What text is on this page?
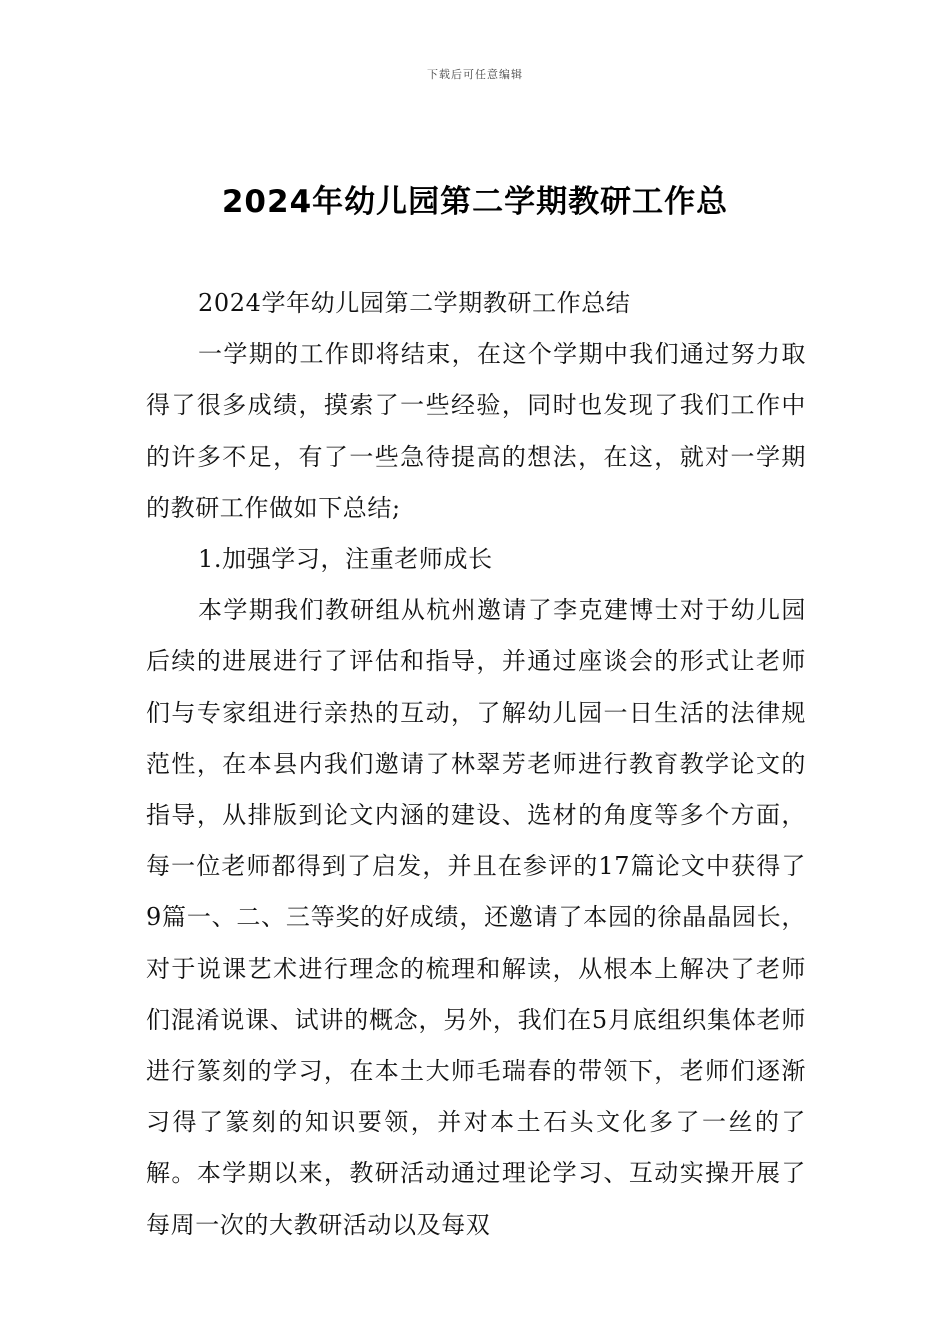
下载后可任意编辑
2024年幼儿园第二学期教研工作总

2024学年幼儿园第二学期教研工作总结

一学期的工作即将结束，在这个学期中我们通过努力取得了很多成绩，摸索了一些经验，同时也发现了我们工作中的许多不足，有了一些急待提高的想法，在这，就对一学期的教研工作做如下总结;

1.加强学习，注重老师成长

本学期我们教研组从杭州邀请了李克建博士对于幼儿园后续的进展进行了评估和指导，并通过座谈会的形式让老师们与专家组进行亲热的互动，了解幼儿园一日生活的法律规范性，在本县内我们邀请了林翠芳老师进行教育教学论文的指导，从排版到论文内涵的建设、选材的角度等多个方面，每一位老师都得到了启发，并且在参评的17篇论文中获得了9篇一、二、三等奖的好成绩，还邀请了本园的徐晶晶园长，对于说课艺术进行理念的梳理和解读，从根本上解决了老师们混淆说课、试讲的概念，另外，我们在5月底组织集体老师进行篆刻的学习，在本土大师毛瑞春的带领下，老师们逐渐习得了篆刻的知识要领，并对本土石头文化多了一丝的了解。本学期以来，教研活动通过理论学习、互动实操开展了每周一次的大教研活动以及每双
